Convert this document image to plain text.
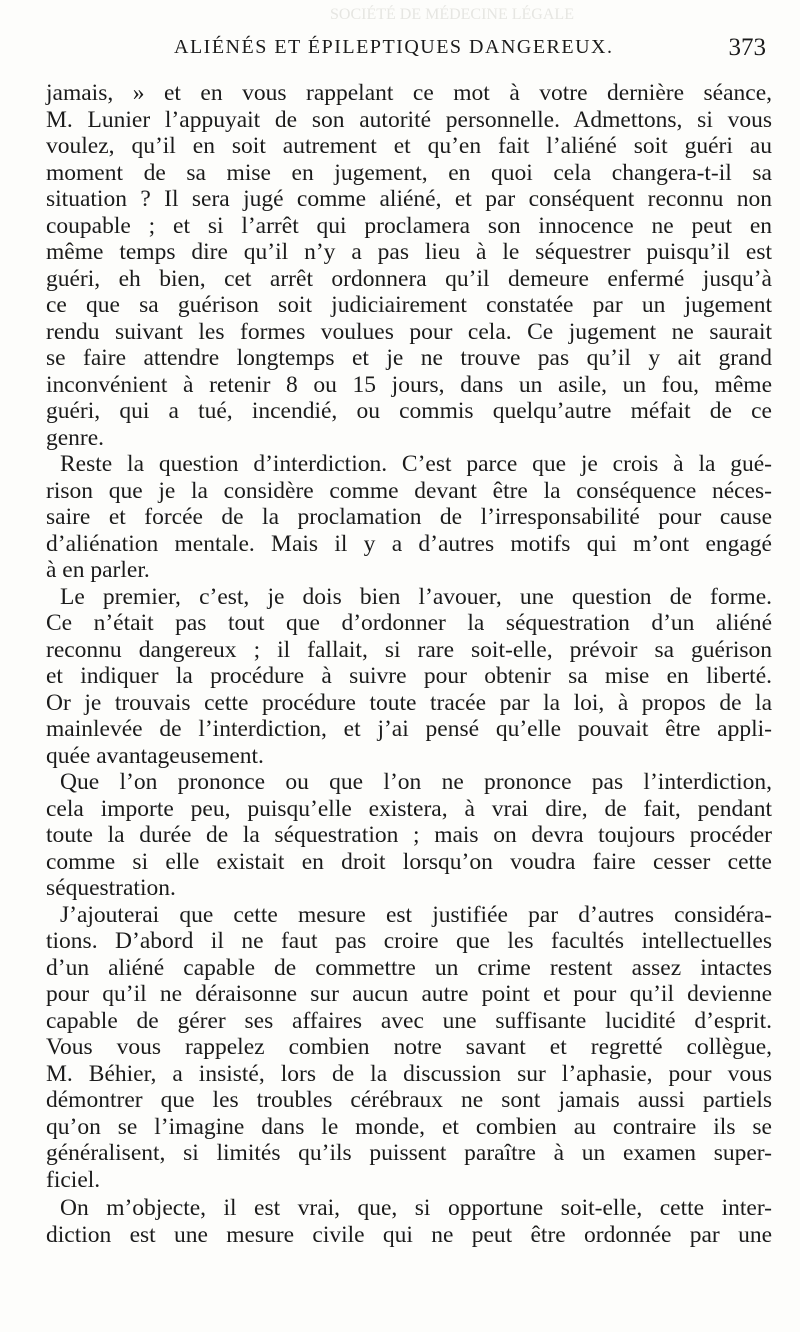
SOCIÉTÉ DE MÉDECINE LÉGALE
ALIÉNÉS ET ÉPILEPTIQUES DANGEREUX.	373
jamais, » et en vous rappelant ce mot à votre dernière séance,
M. Lunier l’appuyait de son autorité personnelle. Admettons, si vous
voulez, qu’il en soit autrement et qu’en fait l’aliéné soit guéri au
moment de sa mise en jugement, en quoi cela changera-t-il sa
situation ? Il sera jugé comme aliéné, et par conséquent reconnu non
coupable ; et si l’arrêt qui proclamera son innocence ne peut en
même temps dire qu’il n’y a pas lieu à le séquestrer puisqu’il est
guéri, eh bien, cet arrêt ordonnera qu’il demeure enfermé jusqu’à
ce que sa guérison soit judiciairement constatée par un jugement
rendu suivant les formes voulues pour cela. Ce jugement ne saurait
se faire attendre longtemps et je ne trouve pas qu’il y ait grand
inconvénient à retenir 8 ou 15 jours, dans un asile, un fou, même
guéri, qui a tué, incendié, ou commis quelqu’autre méfait de ce
genre.
Reste la question d’interdiction. C’est parce que je crois à la gué-
rison que je la considère comme devant être la conséquence néces-
saire et forcée de la proclamation de l’irresponsabilité pour cause
d’aliénation mentale. Mais il y a d’autres motifs qui m’ont engagé
à en parler.
Le premier, c’est, je dois bien l’avouer, une question de forme.
Ce n’était pas tout que d’ordonner la séquestration d’un aliéné
reconnu dangereux ; il fallait, si rare soit-elle, prévoir sa guérison
et indiquer la procédure à suivre pour obtenir sa mise en liberté.
Or je trouvais cette procédure toute tracée par la loi, à propos de la
mainlevée de l’interdiction, et j’ai pensé qu’elle pouvait être appli-
quée avantageusement.
Que l’on prononce ou que l’on ne prononce pas l’interdiction,
cela importe peu, puisqu’elle existera, à vrai dire, de fait, pendant
toute la durée de la séquestration ; mais on devra toujours procéder
comme si elle existait en droit lorsqu’on voudra faire cesser cette
séquestration.
J’ajouterai que cette mesure est justifiée par d’autres considéra-
tions. D’abord il ne faut pas croire que les facultés intellectuelles
d’un aliéné capable de commettre un crime restent assez intactes
pour qu’il ne déraisonne sur aucun autre point et pour qu’il devienne
capable de gérer ses affaires avec une suffisante lucidité d’esprit.
Vous vous rappelez combien notre savant et regretté collègue,
M. Béhier, a insisté, lors de la discussion sur l’aphasie, pour vous
démontrer que les troubles cérébraux ne sont jamais aussi partiels
qu’on se l’imagine dans le monde, et combien au contraire ils se
généralisent, si limités qu’ils puissent paraître à un examen super-
ficiel.
On m’objecte, il est vrai, que, si opportune soit-elle, cette inter-
diction est une mesure civile qui ne peut être ordonnée par une
